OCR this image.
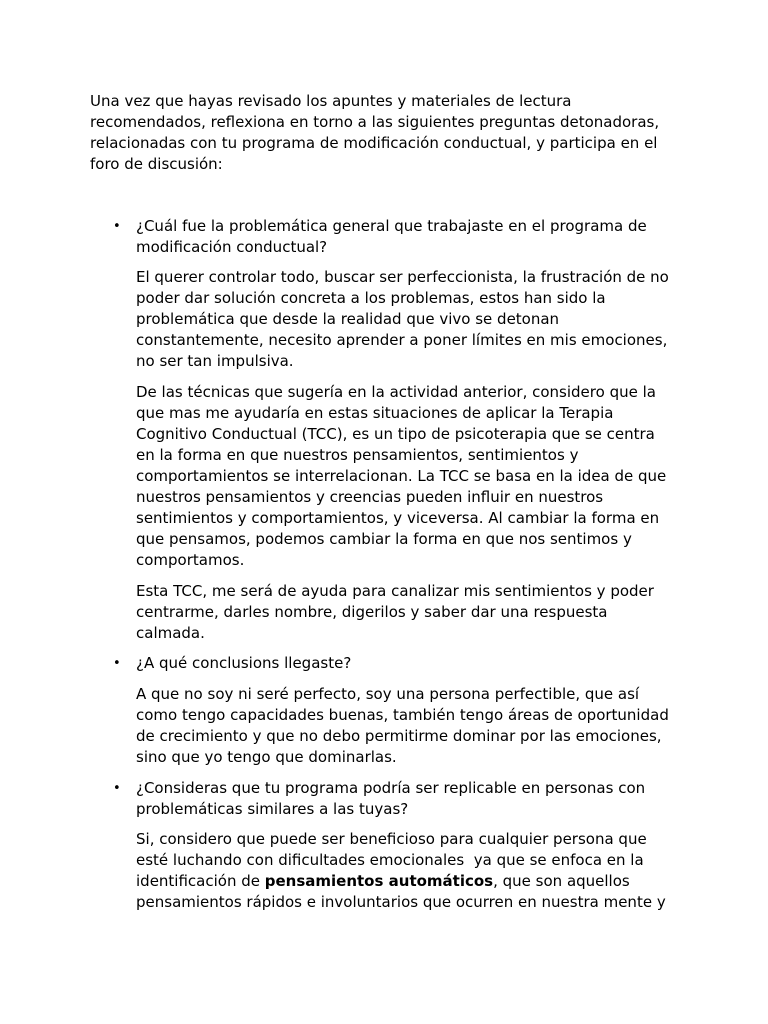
Una vez que hayas revisado los apuntes y materiales de lectura
recomendados, reflexiona en torno a las siguientes preguntas detonadoras,
relacionadas con tu programa de modificación conductual, y participa en el
foro de discusión:
• ¿Cuál fue la problemática general que trabajaste en el programa de
modificación conductual?
El querer controlar todo, buscar ser perfeccionista, la frustración de no
poder dar solución concreta a los problemas, estos han sido la
problemática que desde la realidad que vivo se detonan
constantemente, necesito aprender a poner límites en mis emociones,
no ser tan impulsiva.
De las técnicas que sugería en la actividad anterior, considero que la
que mas me ayudaría en estas situaciones de aplicar la Terapia
Cognitivo Conductual (TCC), es un tipo de psicoterapia que se centra
en la forma en que nuestros pensamientos, sentimientos y
comportamientos se interrelacionan. La TCC se basa en la idea de que
nuestros pensamientos y creencias pueden influir en nuestros
sentimientos y comportamientos, y viceversa. Al cambiar la forma en
que pensamos, podemos cambiar la forma en que nos sentimos y
comportamos.
Esta TCC, me será de ayuda para canalizar mis sentimientos y poder
centrarme, darles nombre, digerilos y saber dar una respuesta
calmada.
• ¿A qué conclusions llegaste?
A que no soy ni seré perfecto, soy una persona perfectible, que así
como tengo capacidades buenas, también tengo áreas de oportunidad
de crecimiento y que no debo permitirme dominar por las emociones,
sino que yo tengo que dominarlas.
• ¿Consideras que tu programa podría ser replicable en personas con
problemáticas similares a las tuyas?
Si, considero que puede ser beneficioso para cualquier persona que
esté luchando con dificultades emocionales  ya que se enfoca en la
identificación de pensamientos automáticos, que son aquellos
pensamientos rápidos e involuntarios que ocurren en nuestra mente y
